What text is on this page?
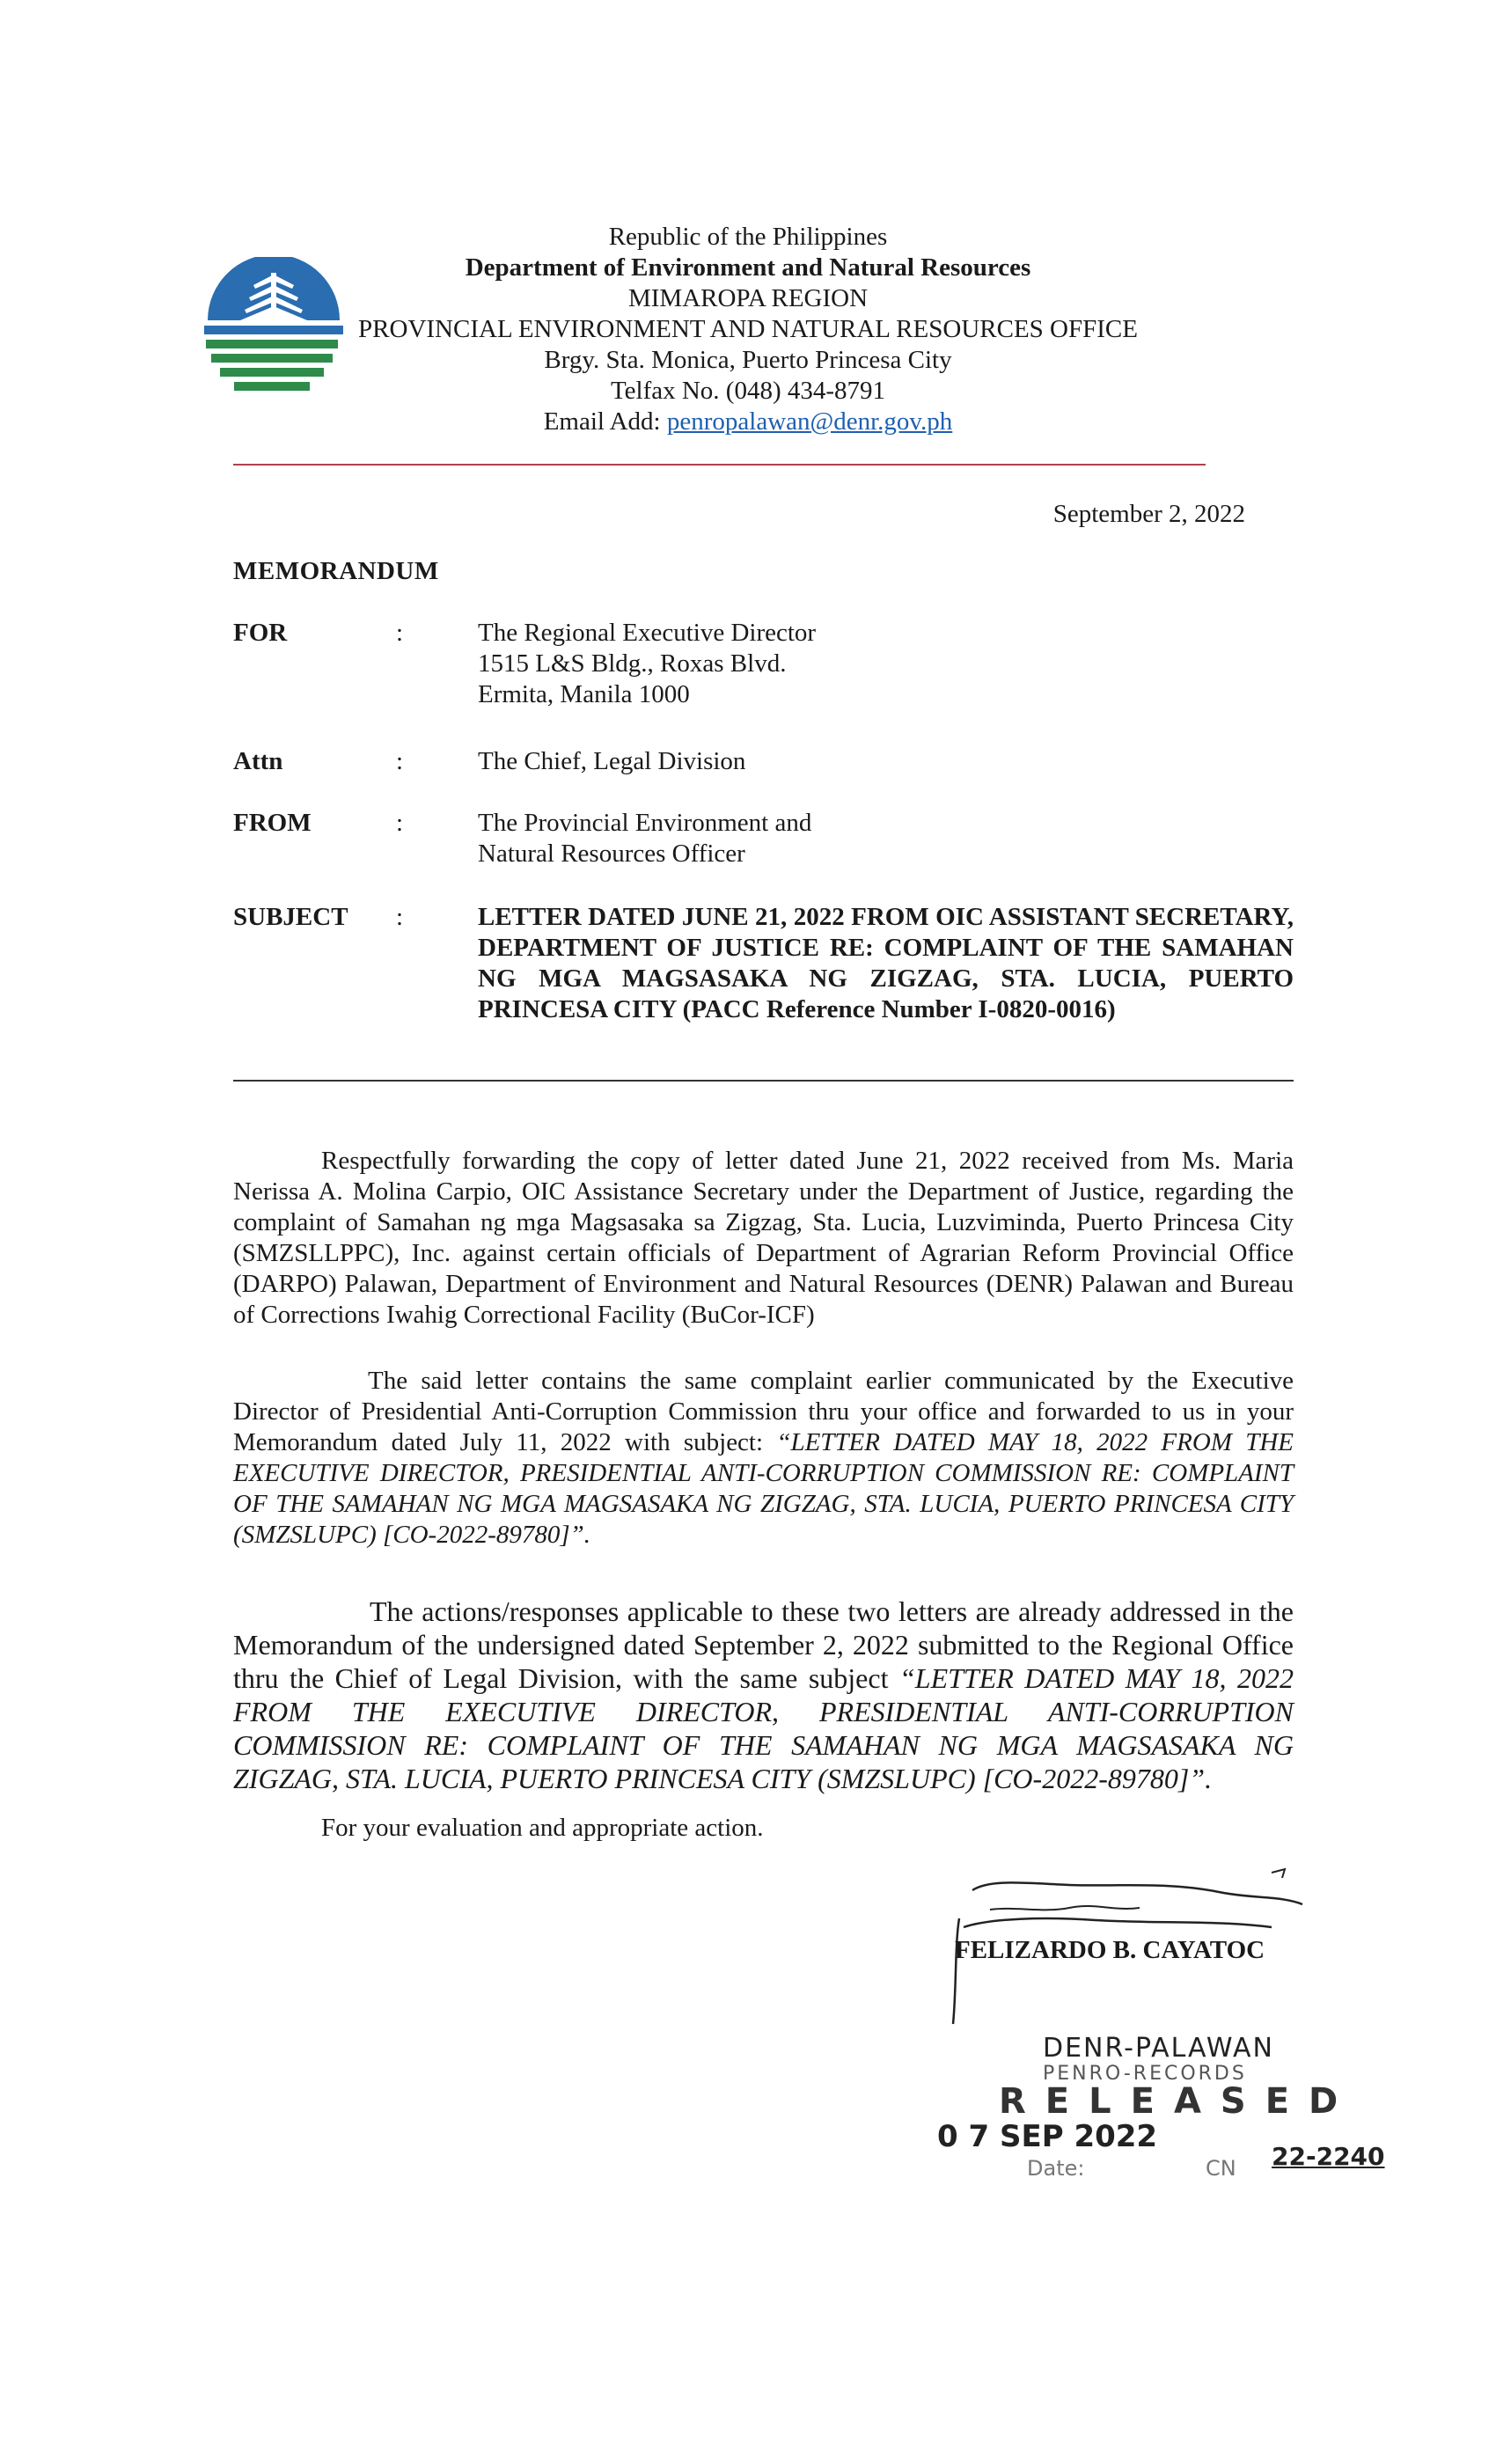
Republic of the Philippines
Department of Environment and Natural Resources
MIMAROPA REGION
PROVINCIAL ENVIRONMENT AND NATURAL RESOURCES OFFICE
Brgy. Sta. Monica, Puerto Princesa City
Telfax No. (048) 434-8791
Email Add: penropalawan@denr.gov.ph
September 2, 2022
MEMORANDUM
FOR	:	The Regional Executive Director
1515 L&S Bldg., Roxas Blvd.
Ermita, Manila 1000
Attn	:	The Chief, Legal Division
FROM	:	The Provincial Environment and
Natural Resources Officer
SUBJECT :	LETTER DATED JUNE 21, 2022 FROM OIC ASSISTANT SECRETARY, DEPARTMENT OF JUSTICE RE: COMPLAINT OF THE SAMAHAN NG MGA MAGSASAKA NG ZIGZAG, STA. LUCIA, PUERTO PRINCESA CITY (PACC Reference Number I-0820-0016)
Respectfully forwarding the copy of letter dated June 21, 2022 received from Ms. Maria Nerissa A. Molina Carpio, OIC Assistance Secretary under the Department of Justice, regarding the complaint of Samahan ng mga Magsasaka sa Zigzag, Sta. Lucia, Luzviminda, Puerto Princesa City (SMZSLLPPC), Inc. against certain officials of Department of Agrarian Reform Provincial Office (DARPO) Palawan, Department of Environment and Natural Resources (DENR) Palawan and Bureau of Corrections Iwahig Correctional Facility (BuCor-ICF)
The said letter contains the same complaint earlier communicated by the Executive Director of Presidential Anti-Corruption Commission thru your office and forwarded to us in your Memorandum dated July 11, 2022 with subject: “LETTER DATED MAY 18, 2022 FROM THE EXECUTIVE DIRECTOR, PRESIDENTIAL ANTI-CORRUPTION COMMISSION RE: COMPLAINT OF THE SAMAHAN NG MGA MAGSASAKA NG ZIGZAG, STA. LUCIA, PUERTO PRINCESA CITY (SMZSLUPC) [CO-2022-89780]”.
The actions/responses applicable to these two letters are already addressed in the Memorandum of the undersigned dated September 2, 2022 submitted to the Regional Office thru the Chief of Legal Division, with the same subject “LETTER DATED MAY 18, 2022 FROM THE EXECUTIVE DIRECTOR, PRESIDENTIAL ANTI-CORRUPTION COMMISSION RE: COMPLAINT OF THE SAMAHAN NG MGA MAGSASAKA NG ZIGZAG, STA. LUCIA, PUERTO PRINCESA CITY (SMZSLUPC) [CO-2022-89780]”.
For your evaluation and appropriate action.
FELIZARDO B. CAYATOC
DENR-PALAWAN
PENRO-RECORDS
RELEASED
0 7 SEP 2022
Date:	CN 22-2240
